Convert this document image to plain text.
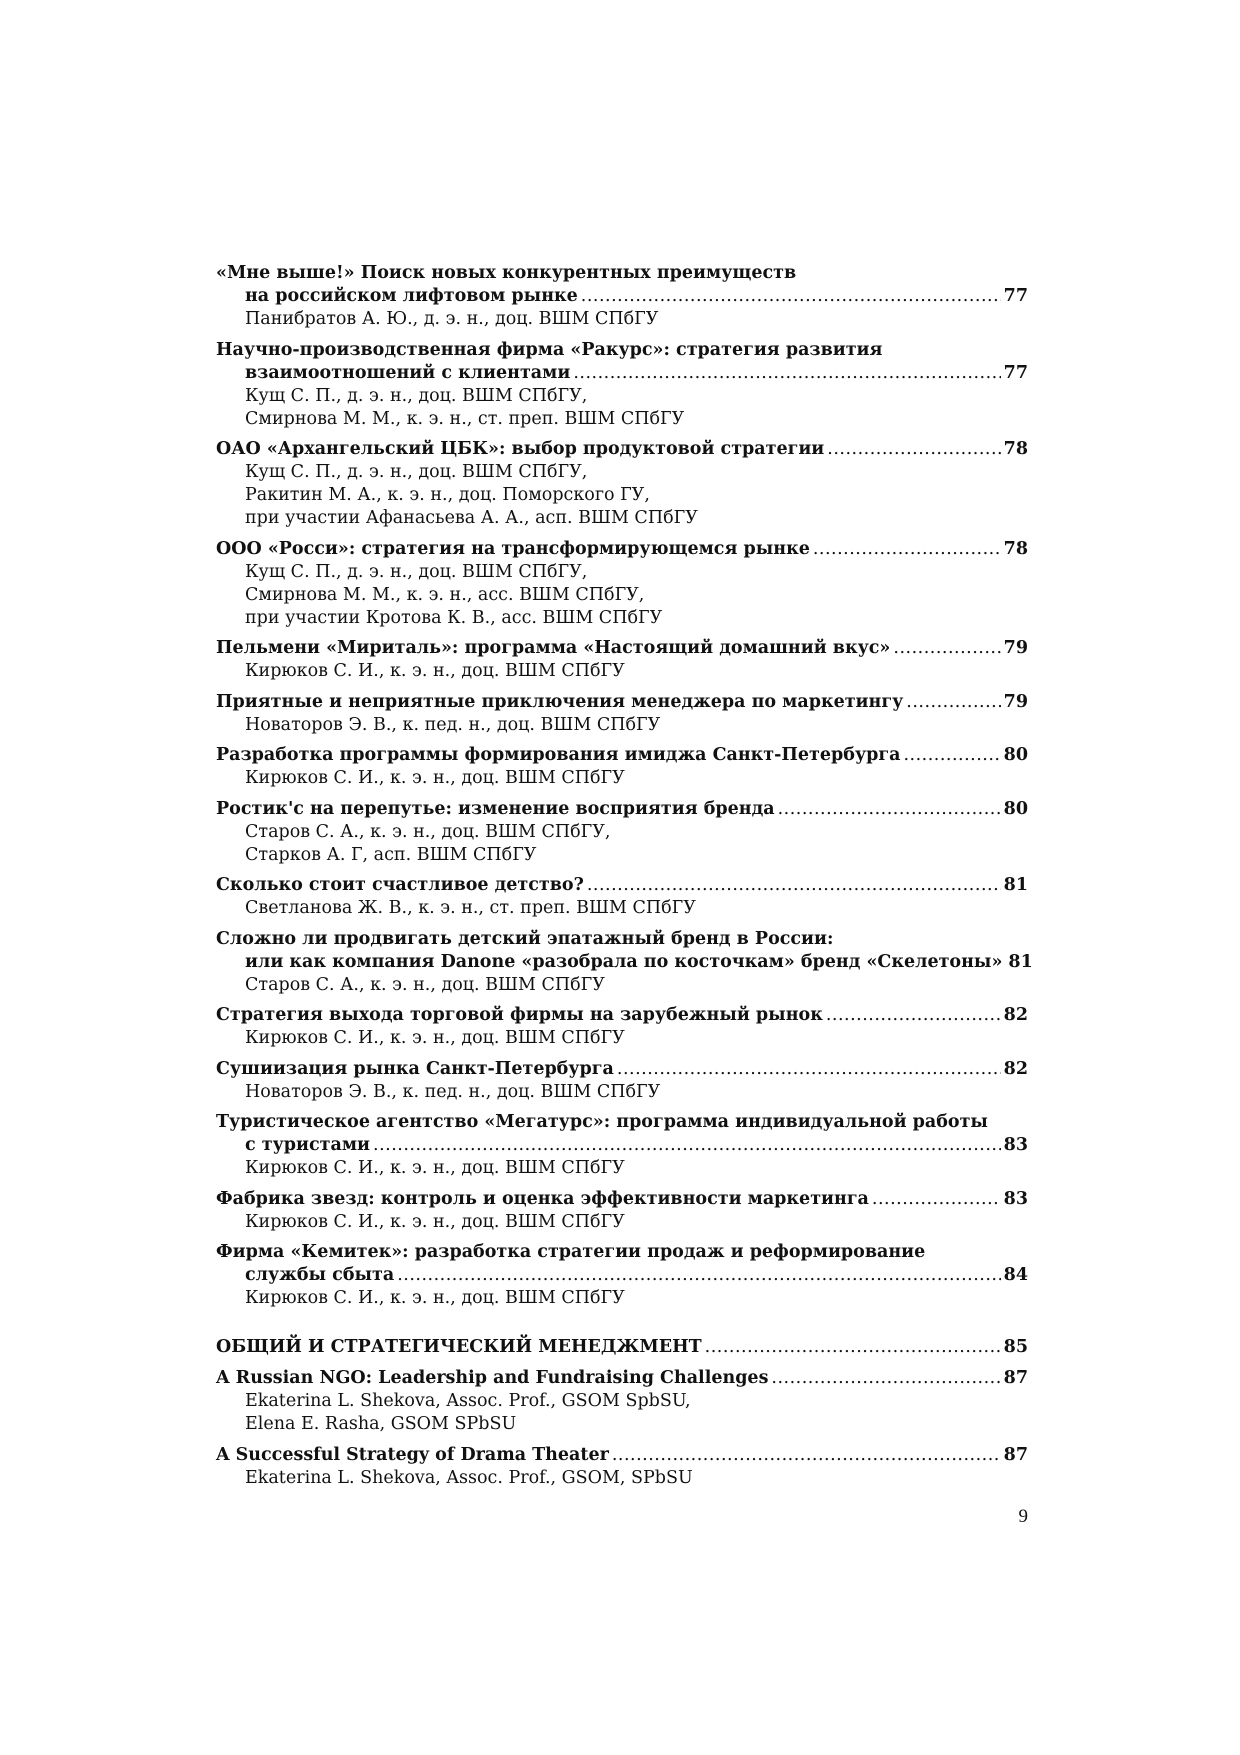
«Мне выше!» Поиск новых конкурентных преимуществ
на российском лифтовом рынке .....	77
Панибратов А. Ю., д. э. н., доц. ВШМ СПбГУ
Научно-производственная фирма «Ракурс»: стратегия развития
взаимоотношений с клиентами .....	77
Кущ С. П., д. э. н., доц. ВШМ СПбГУ,
Смирнова М. М., к. э. н., ст. преп. ВШМ СПбГУ
ОАО «Архангельский ЦБК»: выбор продуктовой стратегии .....	78
Кущ С. П., д. э. н., доц. ВШМ СПбГУ,
Ракитин М. А., к. э. н., доц. Поморского ГУ,
при участии Афанасьева А. А., асп. ВШМ СПбГУ
ООО «Росси»: стратегия на трансформирующемся рынке .....	78
Кущ С. П., д. э. н., доц. ВШМ СПбГУ,
Смирнова М. М., к. э. н., асс. ВШМ СПбГУ,
при участии Кротова К. В., асс. ВШМ СПбГУ
Пельмени «Мириталь»: программа «Настоящий домашний вкус» .....	79
Кирюков С. И., к. э. н., доц. ВШМ СПбГУ
Приятные и неприятные приключения менеджера по маркетингу .....	79
Новаторов Э. В., к. пед. н., доц. ВШМ СПбГУ
Разработка программы формирования имиджа Санкт-Петербурга .....	80
Кирюков С. И., к. э. н., доц. ВШМ СПбГУ
Ростик'с на перепутье: изменение восприятия бренда .....	80
Старов С. А., к. э. н., доц. ВШМ СПбГУ,
Старков А. Г, асп. ВШМ СПбГУ
Сколько стоит счастливое детство? .....	81
Светланова Ж. В., к. э. н., ст. преп. ВШМ СПбГУ
Сложно ли продвигать детский эпатажный бренд в России:
или как компания Danone «разобрала по косточкам» бренд «Скелетоны» 81
Старов С. А., к. э. н., доц. ВШМ СПбГУ
Стратегия выхода торговой фирмы на зарубежный рынок .....	82
Кирюков С. И., к. э. н., доц. ВШМ СПбГУ
Сушиизация рынка Санкт-Петербурга .....	82
Новаторов Э. В., к. пед. н., доц. ВШМ СПбГУ
Туристическое агентство «Мегатурс»: программа индивидуальной работы
с туристами .....	83
Кирюков С. И., к. э. н., доц. ВШМ СПбГУ
Фабрика звезд: контроль и оценка эффективности маркетинга .....	83
Кирюков С. И., к. э. н., доц. ВШМ СПбГУ
Фирма «Кемитек»: разработка стратегии продаж и реформирование
службы сбыта .....	84
Кирюков С. И., к. э. н., доц. ВШМ СПбГУ
ОБЩИЙ И СТРАТЕГИЧЕСКИЙ МЕНЕДЖМЕНТ .....	85
A Russian NGO: Leadership and Fundraising Challenges .....	87
Ekaterina L. Shekova, Assoc. Prof., GSOM SpbSU,
Elena E. Rasha, GSOM SPbSU
A Successful Strategy of Drama Theater .....	87
Ekaterina L. Shekova, Assoc. Prof., GSOM, SPbSU
9
